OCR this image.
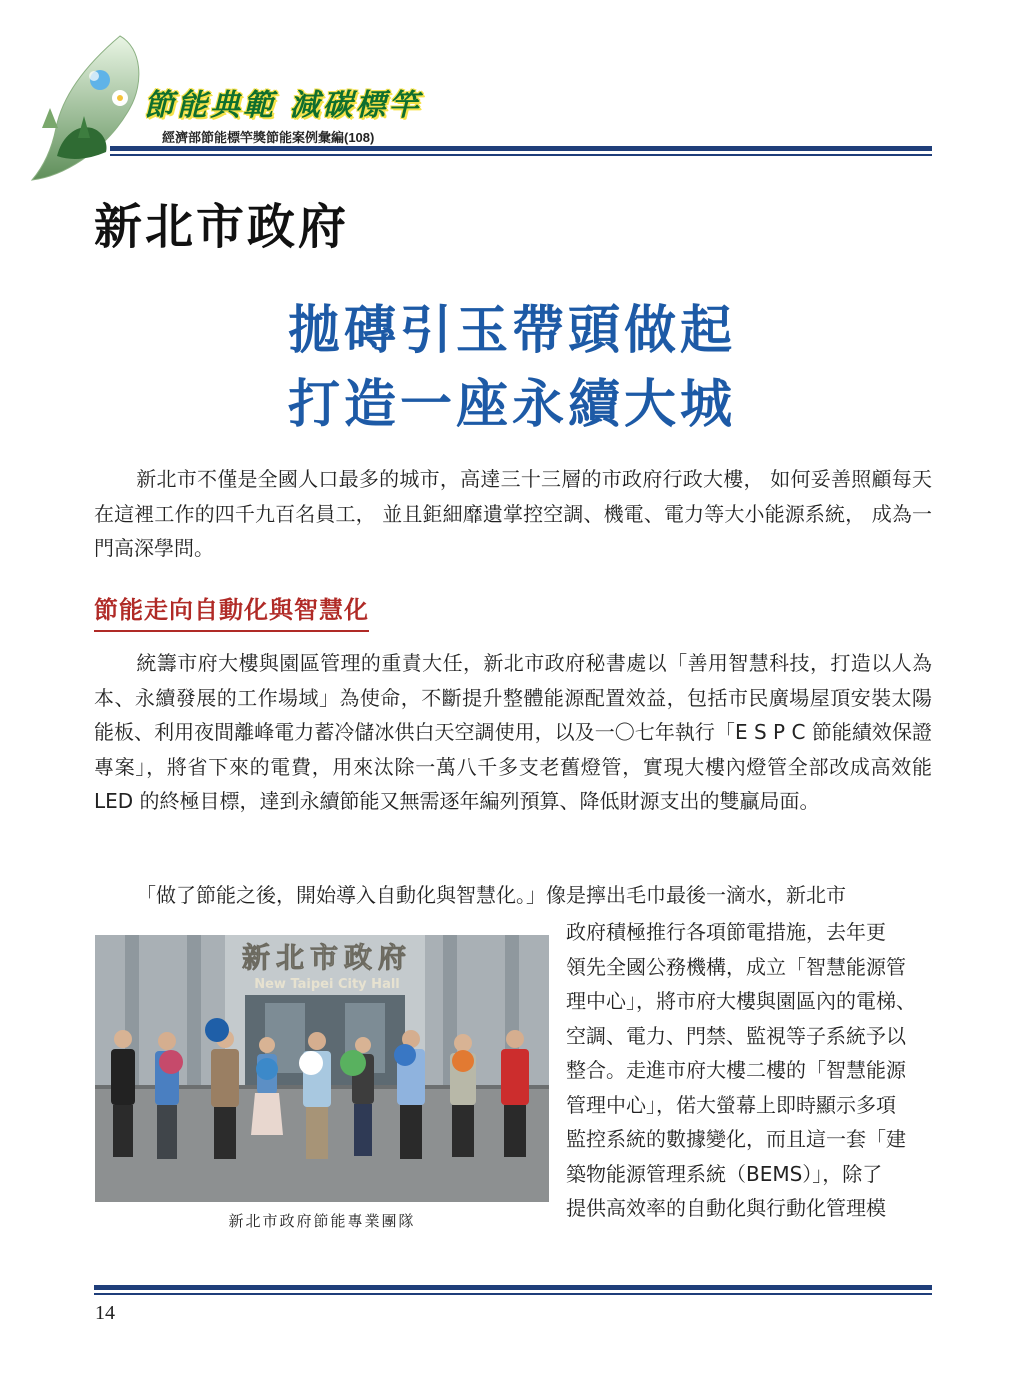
節能典範 減碳標竿
經濟部節能標竿獎節能案例彙編(108)
新北市政府
拋磚引玉帶頭做起
打造一座永續大城

新北市不僅是全國人口最多的城市，高達三十三層的市政府行政大樓， 如何妥善照顧每天在這裡工作的四千九百名員工， 並且鉅細靡遺掌控空調、機電、電力等大小能源系統， 成為一門高深學問。

節能走向自動化與智慧化

統籌市府大樓與園區管理的重責大任，新北市政府秘書處以「善用智慧科技，打造以人為本、永續發展的工作場域」為使命，不斷提升整體能源配置效益，包括市民廣場屋頂安裝太陽能板、利用夜間離峰電力蓄冷儲冰供白天空調使用，以及一〇七年執行「E S P C 節能績效保證專案」，將省下來的電費，用來汰除一萬八千多支老舊燈管，實現大樓內燈管全部改成高效能 LED 的終極目標，達到永續節能又無需逐年編列預算、降低財源支出的雙贏局面。

「做了節能之後，開始導入自動化與智慧化。」像是擰出毛巾最後一滴水，新北市

政府積極推行各項節電措施，去年更
領先全國公務機構，成立「智慧能源管
理中心」，將市府大樓與園區內的電梯、
空調、電力、門禁、監視等子系統予以
整合。走進市府大樓二樓的「智慧能源
管理中心」，偌大螢幕上即時顯示多項
監控系統的數據變化，而且這一套「建
築物能源管理系統（BEMS）」，除了
提供高效率的自動化與行動化管理模
新北市政府
New Taipei City Hall
新北市政府節能專業團隊
14
